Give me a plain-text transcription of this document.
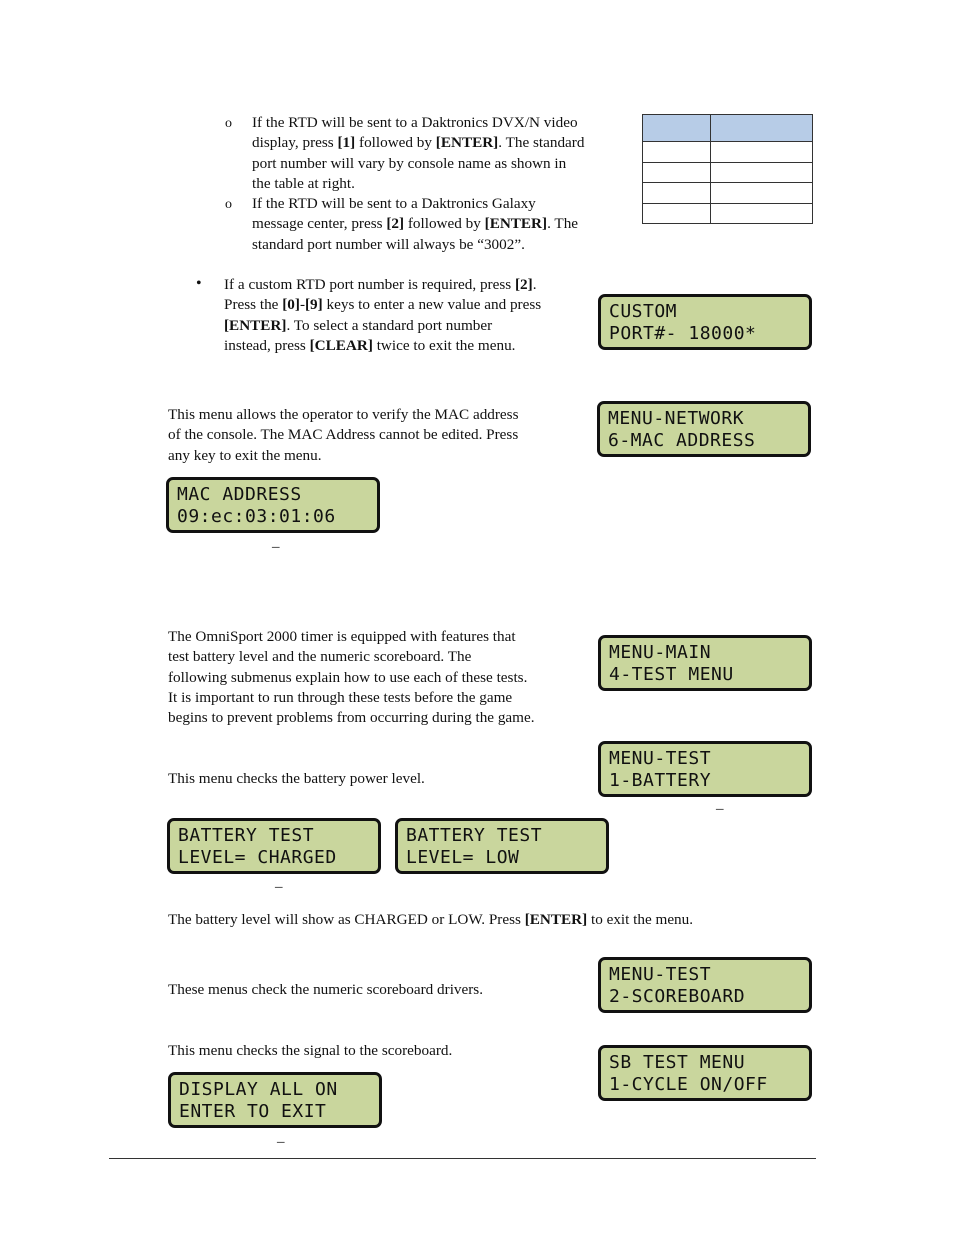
o If the RTD will be sent to a Daktronics DVX/N video

display, press [1] followed by [ENTER]. The standard

port number will vary by console name as shown in

the table at right.

o If the RTD will be sent to a Daktronics Galaxy

message center, press [2] followed by [ENTER]. The

standard port number will always be “3002”.

• If a custom RTD port number is required, press [2].

Press the [0]-[9] keys to enter a new value and press

[ENTER]. To select a standard port number

instead, press [CLEAR] twice to exit the menu.

CUSTOM
PORT#- 18000*

This menu allows the operator to verify the MAC address

of the console. The MAC Address cannot be edited. Press

any key to exit the menu.

MENU-NETWORK
6-MAC ADDRESS
MAC ADDRESS
09:ec:03:01:06
–

The OmniSport 2000 timer is equipped with features that

test battery level and the numeric scoreboard. The

following submenus explain how to use each of these tests.

It is important to run through these tests before the game

begins to prevent problems from occurring during the game.

MENU-MAIN
4-TEST MENU

This menu checks the battery power level.

MENU-TEST
1-BATTERY
–
BATTERY TEST
LEVEL= CHARGED
BATTERY TEST
LEVEL= LOW
–

The battery level will show as CHARGED or LOW. Press [ENTER] to exit the menu.

These menus check the numeric scoreboard drivers.

MENU-TEST
2-SCOREBOARD

This menu checks the signal to the scoreboard.

SB TEST MENU
1-CYCLE ON/OFF
DISPLAY ALL ON
ENTER TO EXIT
–
